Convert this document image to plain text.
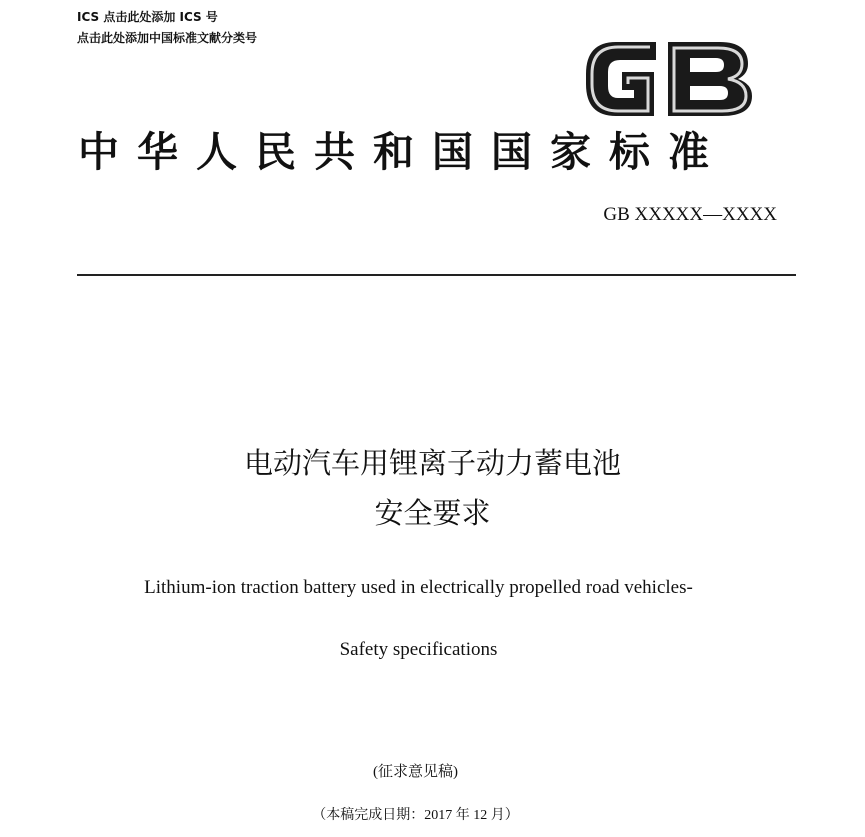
ICS 点击此处添加 ICS 号
点击此处添加中国标准文献分类号
中华人民共和国国家标准
GB XXXXX—XXXX
电动汽车用锂离子动力蓄电池
安全要求
Lithium-ion traction battery used in electrically propelled road vehicles-
Safety specifications
(征求意见稿)
（本稿完成日期：2017 年 12 月）
